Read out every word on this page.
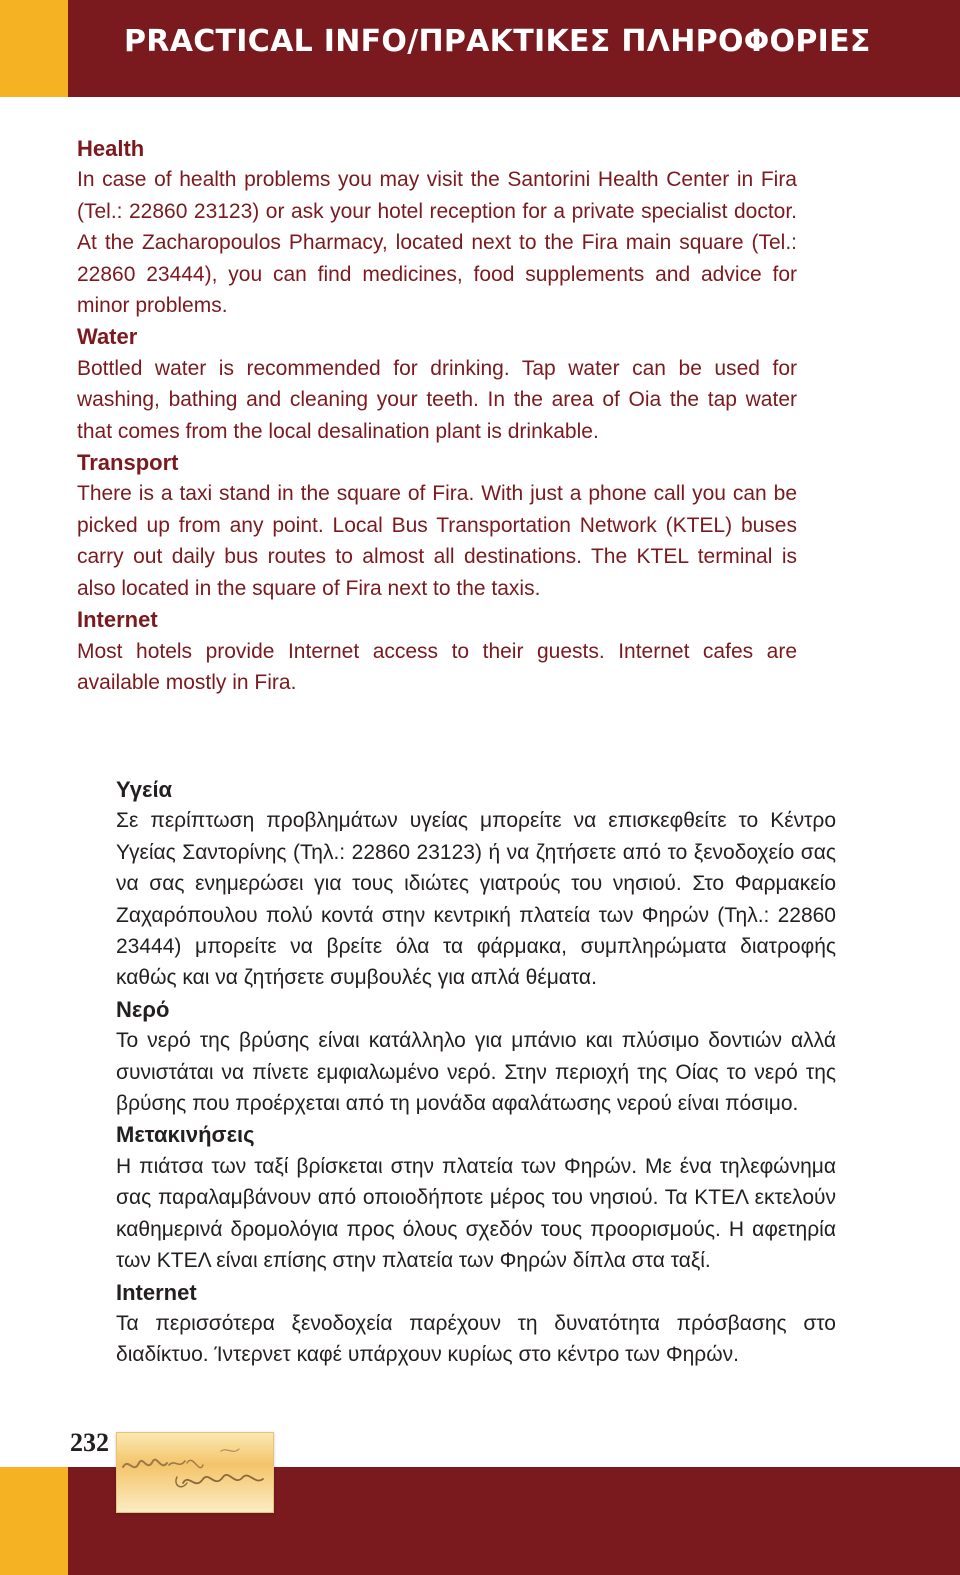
PRACTICAL INFO/ΠΡΑΚΤΙΚΕΣ ΠΛΗΡΟΦΟΡΙΕΣ
Health
In case of health problems you may visit the Santorini Health Center in Fira (Tel.: 22860 23123) or ask your hotel reception for a private specialist doctor. At the Zacharopoulos Pharmacy, located next to the Fira main square (Tel.: 22860 23444), you can find medicines, food supplements and advice for minor problems.
Water
Bottled water is recommended for drinking. Tap water can be used for washing, bathing and cleaning your teeth. In the area of Oia the tap water that comes from the local desalination plant is drinkable.
Transport
There is a taxi stand in the square of Fira. With just a phone call you can be picked up from any point. Local Bus Transportation Network (KTEL) buses carry out daily bus routes to almost all destinations. The KTEL terminal is also located in the square of Fira next to the taxis.
Internet
Most hotels provide Internet access to their guests. Internet cafes are available mostly in Fira.
Υγεία
Σε περίπτωση προβλημάτων υγείας μπορείτε να επισκεφθείτε το Κέντρο Υγείας Σαντορίνης (Τηλ.: 22860 23123) ή να ζητήσετε από το ξενοδοχείο σας να σας ενημερώσει για τους ιδιώτες γιατρούς του νησιού. Στο Φαρμακείο Ζαχαρόπουλου πολύ κοντά στην κεντρική πλατεία των Φηρών (Τηλ.: 22860 23444) μπορείτε να βρείτε όλα τα φάρμακα, συμπληρώματα διατροφής καθώς και να ζητήσετε συμβουλές για απλά θέματα.
Νερό
Το νερό της βρύσης είναι κατάλληλο για μπάνιο και πλύσιμο δοντιών αλλά συνιστάται να πίνετε εμφιαλωμένο νερό. Στην περιοχή της Οίας το νερό της βρύσης που προέρχεται από τη μονάδα αφαλάτωσης νερού είναι πόσιμο.
Μετακινήσεις
Η πιάτσα των ταξί βρίσκεται στην πλατεία των Φηρών. Με ένα τηλεφώνημα σας παραλαμβάνουν από οποιοδήποτε μέρος του νησιού. Τα ΚΤΕΛ εκτελούν καθημερινά δρομολόγια προς όλους σχεδόν τους προορισμούς. Η αφετηρία των ΚΤΕΛ είναι επίσης στην πλατεία των Φηρών δίπλα στα ταξί.
Internet
Τα περισσότερα ξενοδοχεία παρέχουν τη δυνατότητα πρόσβασης στο διαδίκτυο. Ίντερνετ καφέ υπάρχουν κυρίως στο κέντρο των Φηρών.
232
